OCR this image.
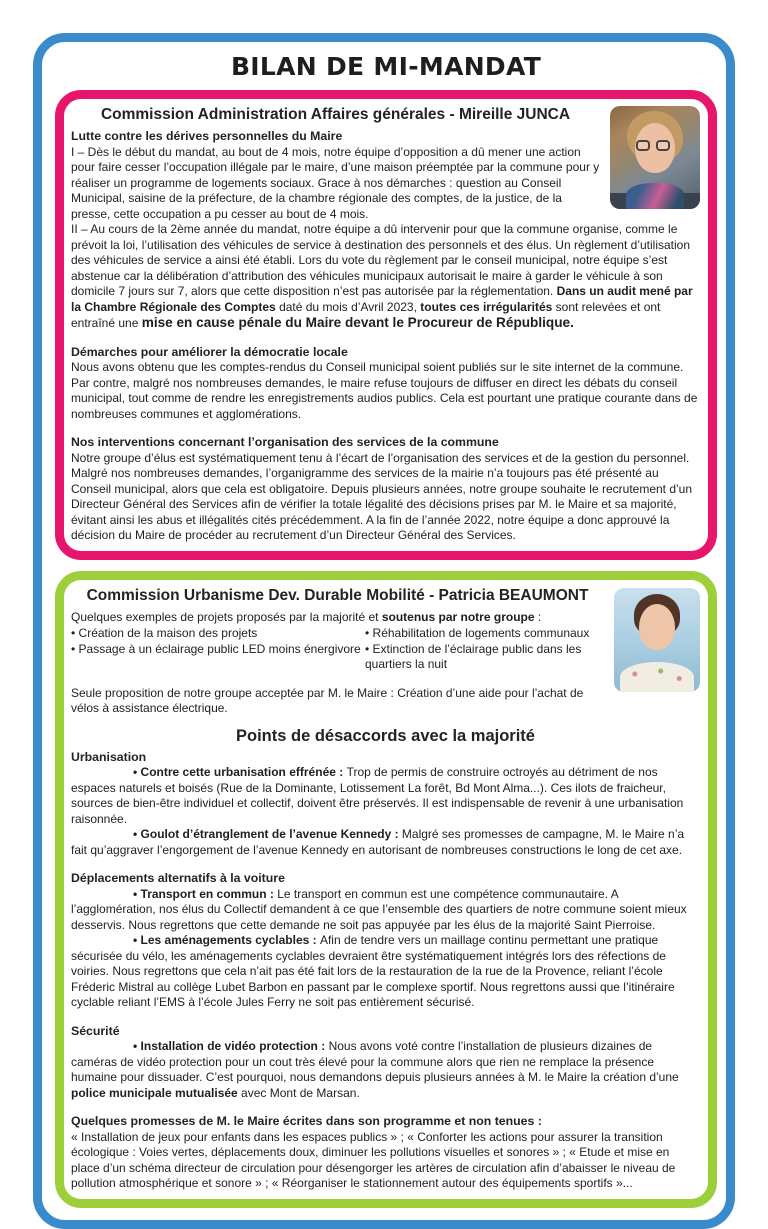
BILAN DE MI-MANDAT
Commission Administration Affaires générales - Mireille JUNCA
Lutte contre les dérives personnelles du Maire

I – Dès le début du mandat, au bout de 4 mois, notre équipe d’opposition a dû mener une action pour faire cesser l’occupation illégale par le maire, d’une maison préemptée par la commune pour y réaliser un programme de logements sociaux. Grace à nos démarches : question au Conseil Municipal, saisine de la préfecture, de la chambre régionale des comptes, de la justice, de la presse, cette occupation a pu cesser au bout de 4 mois.

II – Au cours de la 2ème année du mandat, notre équipe a dû intervenir pour que la commune organise, comme le prévoit la loi, l’utilisation des véhicules de service à destination des personnels et des élus. Un règlement d’utilisation des véhicules de service a ainsi été établi. Lors du vote du règlement par le conseil municipal, notre équipe s’est abstenue car la délibération d’attribution des véhicules municipaux autorisait le maire à garder le véhicule à son domicile 7 jours sur 7, alors que cette disposition n’est pas autorisée par la réglementation. Dans un audit mené par la Chambre Régionale des Comptes daté du mois d’Avril 2023, toutes ces irrégularités sont relevées et ont entraîné une mise en cause pénale du Maire devant le Procureur de République.

Démarches pour améliorer la démocratie locale

Nous avons obtenu que les comptes-rendus du Conseil municipal soient publiés sur le site internet de la commune. Par contre, malgré nos nombreuses demandes, le maire refuse toujours de diffuser en direct les débats du conseil municipal, tout comme de rendre les enregistrements audios publics. Cela est pourtant une pratique courante dans de nombreuses communes et agglomérations.

Nos interventions concernant l’organisation des services de la commune

Notre groupe d’élus est systématiquement tenu à l’écart de l’organisation des services et de la gestion du personnel. Malgré nos nombreuses demandes, l’organigramme des services de la mairie n’a toujours pas été présenté au Conseil municipal, alors que cela est obligatoire. Depuis plusieurs années, notre groupe souhaite le recrutement d’un Directeur Général des Services afin de vérifier la totale légalité des décisions prises par M. le Maire et sa majorité, évitant ainsi les abus et illégalités cités précédemment. A la fin de l’année 2022, notre équipe a donc approuvé la décision du Maire de procéder au recrutement d’un Directeur Général des Services.

Commission Urbanisme Dev. Durable Mobilité - Patricia BEAUMONT

Quelques exemples de projets proposés par la majorité et soutenus par notre groupe :

• Création de la maison des projets
• Passage à un éclairage public LED moins énergivore
• Réhabilitation de logements communaux
• Extinction de l’éclairage public dans les quartiers la nuit

Seule proposition de notre groupe acceptée par M. le Maire : Création d’une aide pour l’achat de vélos à assistance électrique.

Points de désaccords avec la majorité
Urbanisation

• Contre cette urbanisation effrénée : Trop de permis de construire octroyés au détriment de nos espaces naturels et boisés (Rue de la Dominante, Lotissement La forêt, Bd Mont Alma...). Ces ilots de fraicheur, sources de bien-être individuel et collectif, doivent être préservés. Il est indispensable de revenir à une urbanisation raisonnée.

• Goulot d’étranglement de l’avenue Kennedy : Malgré ses promesses de campagne, M. le Maire n’a fait qu’aggraver l’engorgement de l’avenue Kennedy en autorisant de nombreuses constructions le long de cet axe.

Déplacements alternatifs à la voiture

• Transport en commun : Le transport en commun est une compétence communautaire. A l’agglomération, nos élus du Collectif demandent à ce que l’ensemble des quartiers de notre commune soient mieux desservis. Nous regrettons que cette demande ne soit pas appuyée par les élus de la majorité Saint Pierroise.

• Les aménagements cyclables : Afin de tendre vers un maillage continu permettant une pratique sécurisée du vélo, les aménagements cyclables devraient être systématiquement intégrés lors des réfections de voiries. Nous regrettons que cela n’ait pas été fait lors de la restauration de la rue de la Provence, reliant l’école Fréderic Mistral au collège Lubet Barbon en passant par le complexe sportif. Nous regrettons aussi que l’itinéraire cyclable reliant l’EMS à l’école Jules Ferry ne soit pas entièrement sécurisé.

Sécurité

• Installation de vidéo protection : Nous avons voté contre l’installation de plusieurs dizaines de caméras de vidéo protection pour un cout très élevé pour la commune alors que rien ne remplace la présence humaine pour dissuader. C’est pourquoi, nous demandons depuis plusieurs années à M. le Maire la création d’une police municipale mutualisée avec Mont de Marsan.

Quelques promesses de M. le Maire écrites dans son programme et non tenues :

« Installation de jeux pour enfants dans les espaces publics » ; « Conforter les actions pour assurer la transition écologique : Voies vertes, déplacements doux, diminuer les pollutions visuelles et sonores » ; « Etude et mise en place d’un schéma directeur de circulation pour désengorger les artères de circulation afin d’abaisser le niveau de pollution atmosphérique et sonore » ; « Réorganiser le stationnement autour des équipements sportifs »...
